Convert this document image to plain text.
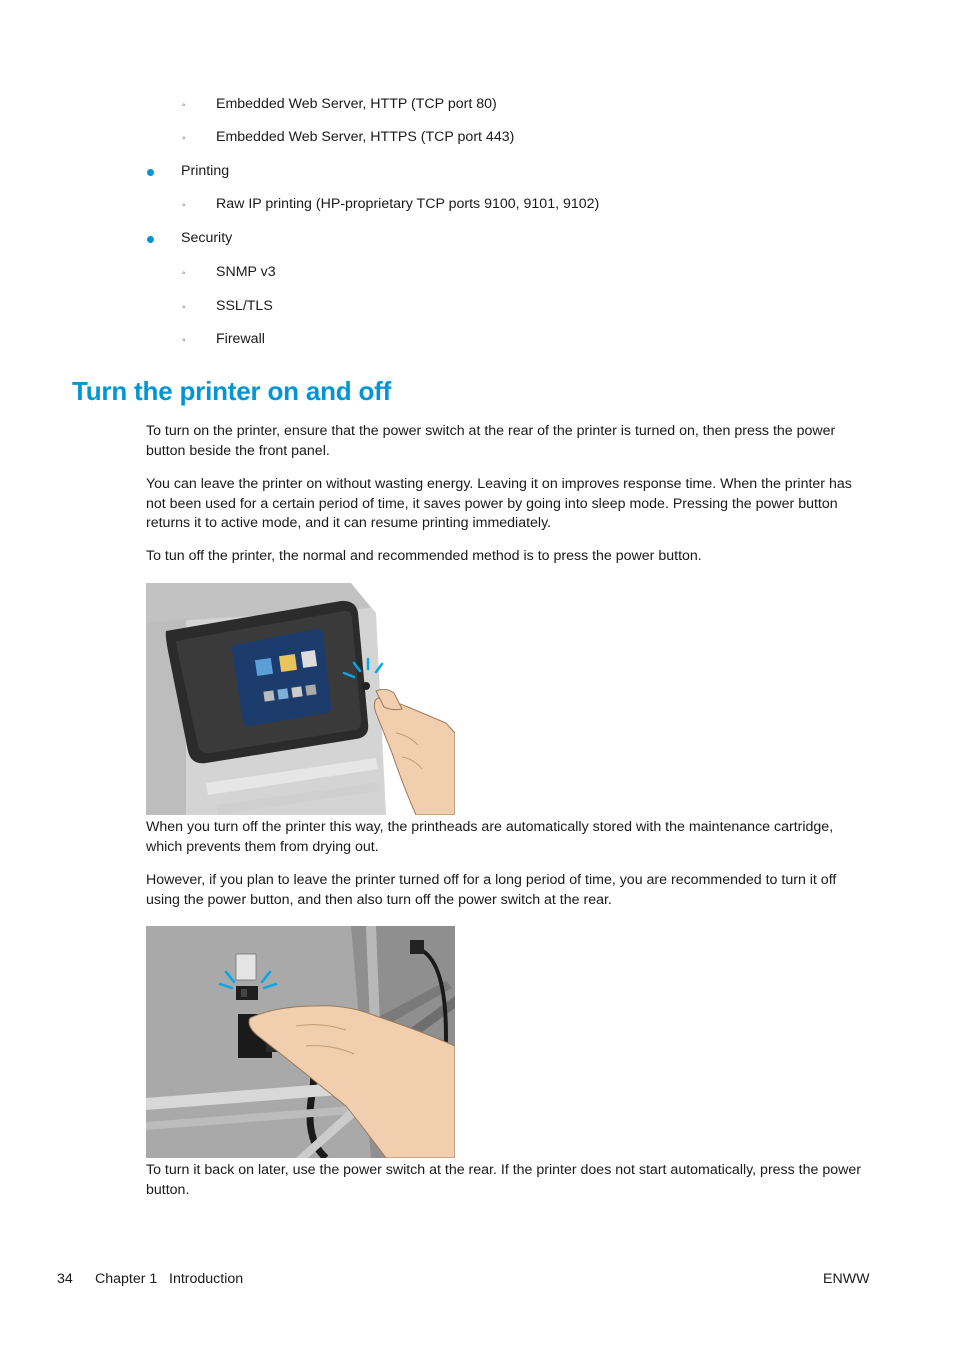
◦ Embedded Web Server, HTTP (TCP port 80)
◦ Embedded Web Server, HTTPS (TCP port 443)
Printing
◦ Raw IP printing (HP-proprietary TCP ports 9100, 9101, 9102)
Security
◦ SNMP v3
◦ SSL/TLS
◦ Firewall
Turn the printer on and off

To turn on the printer, ensure that the power switch at the rear of the printer is turned on, then press the power button beside the front panel.

You can leave the printer on without wasting energy. Leaving it on improves response time. When the printer has not been used for a certain period of time, it saves power by going into sleep mode. Pressing the power button returns it to active mode, and it can resume printing immediately.

To tun off the printer, the normal and recommended method is to press the power button.

When you turn off the printer this way, the printheads are automatically stored with the maintenance cartridge, which prevents them from drying out.

However, if you plan to leave the printer turned off for a long period of time, you are recommended to turn it off using the power button, and then also turn off the power switch at the rear.

To turn it back on later, use the power switch at the rear. If the printer does not start automatically, press the power button.

34 Chapter 1 Introduction	ENWW
